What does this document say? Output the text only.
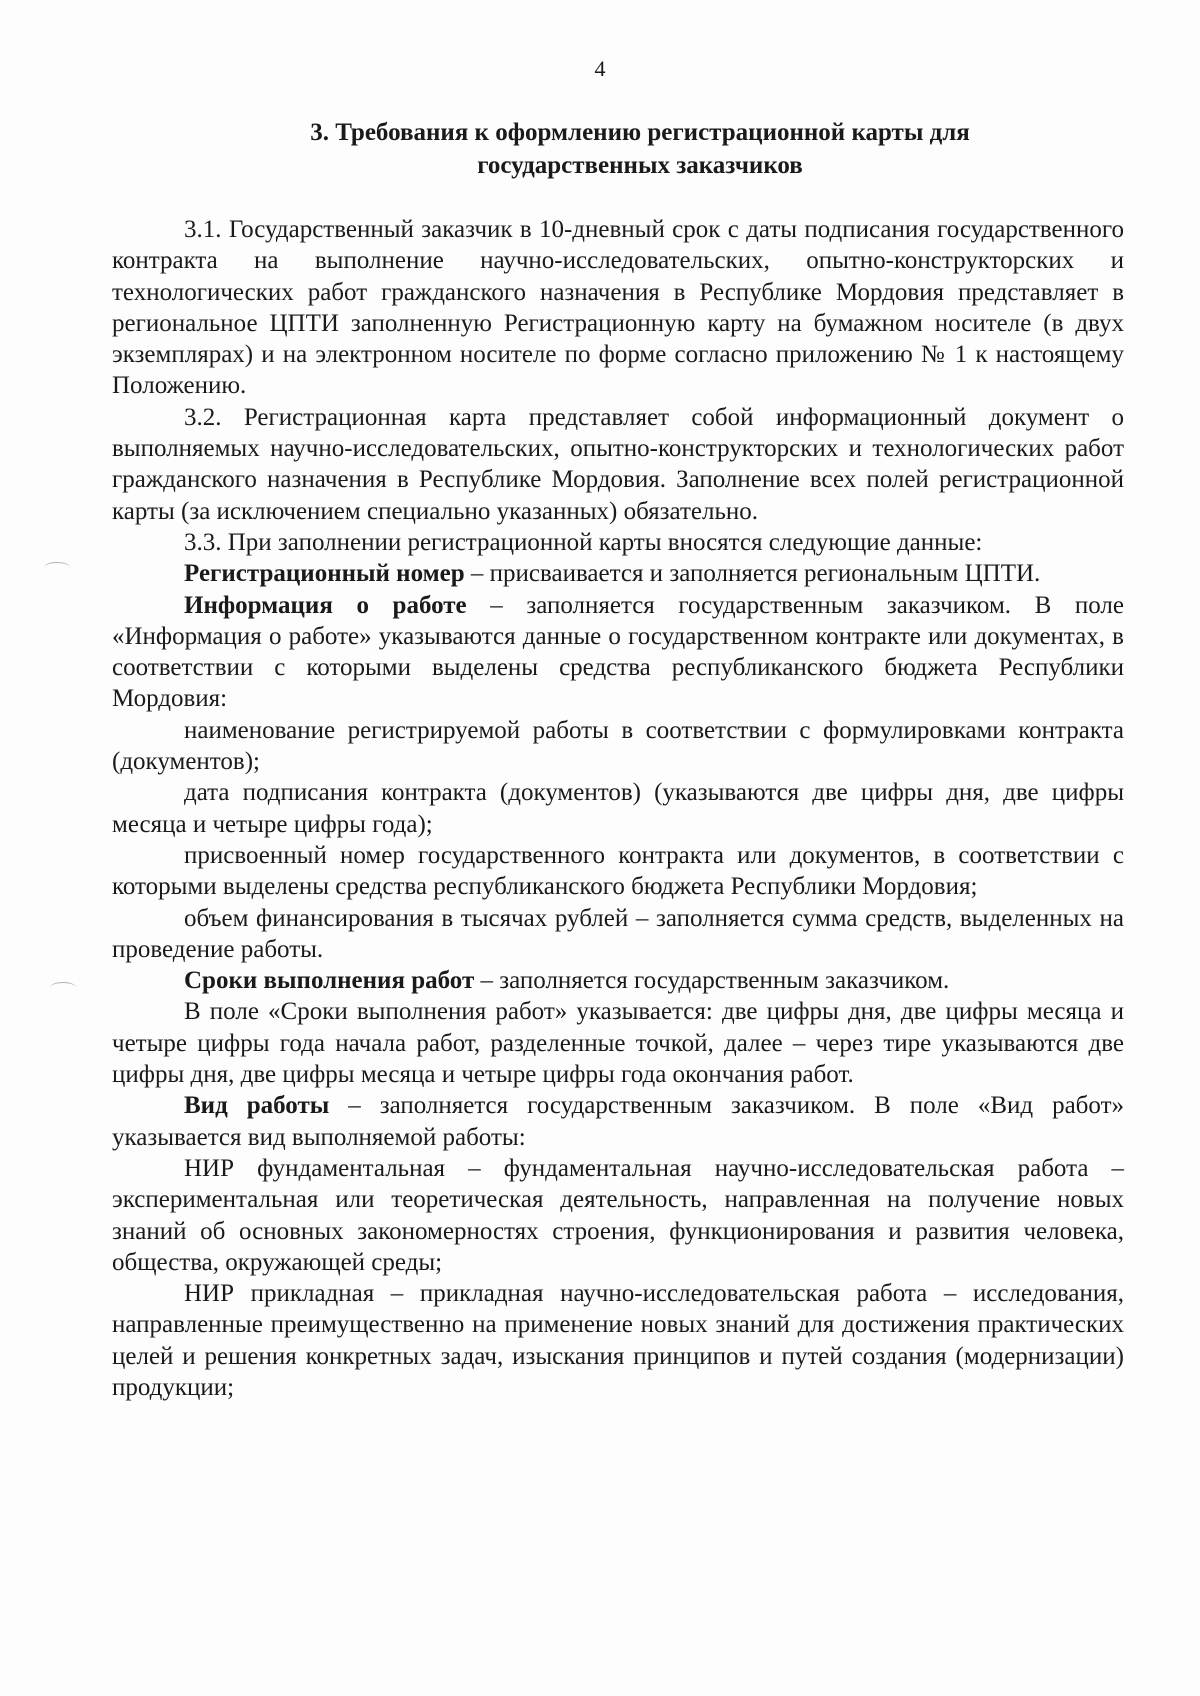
4
3. Требования к оформлению регистрационной карты для
государственных заказчиков

3.1. Государственный заказчик в 10-дневный срок с даты подписания государственного контракта на выполнение научно-исследовательских, опытно-конструкторских и технологических работ гражданского назначения в Республике Мордовия представляет в региональное ЦПТИ заполненную Регистрационную карту на бумажном носителе (в двух экземплярах) и на электронном носителе по форме согласно приложению № 1 к настоящему Положению.

3.2. Регистрационная карта представляет собой информационный документ о выполняемых научно-исследовательских, опытно-конструкторских и технологических работ гражданского назначения в Республике Мордовия. Заполнение всех полей регистрационной карты (за исключением специально указанных) обязательно.

3.3. При заполнении регистрационной карты вносятся следующие данные:

Регистрационный номер – присваивается и заполняется региональным ЦПТИ.

Информация о работе – заполняется государственным заказчиком. В поле «Информация о работе» указываются данные о государственном контракте или документах, в соответствии с которыми выделены средства республиканского бюджета Республики Мордовия:

наименование регистрируемой работы в соответствии с формулировками контракта (документов);

дата подписания контракта (документов) (указываются две цифры дня, две цифры месяца и четыре цифры года);

присвоенный номер государственного контракта или документов, в соответствии с которыми выделены средства республиканского бюджета Республики Мордовия;

объем финансирования в тысячах рублей – заполняется сумма средств, выделенных на проведение работы.

Сроки выполнения работ – заполняется государственным заказчиком.

В поле «Сроки выполнения работ» указывается: две цифры дня, две цифры месяца и четыре цифры года начала работ, разделенные точкой, далее – через тире указываются две цифры дня, две цифры месяца и четыре цифры года окончания работ.

Вид работы – заполняется государственным заказчиком. В поле «Вид работ» указывается вид выполняемой работы:

НИР фундаментальная – фундаментальная научно-исследовательская работа – экспериментальная или теоретическая деятельность, направленная на получение новых знаний об основных закономерностях строения, функционирования и развития человека, общества, окружающей среды;

НИР прикладная – прикладная научно-исследовательская работа – исследования, направленные преимущественно на применение новых знаний для достижения практических целей и решения конкретных задач, изыскания принципов и путей создания (модернизации) продукции;
